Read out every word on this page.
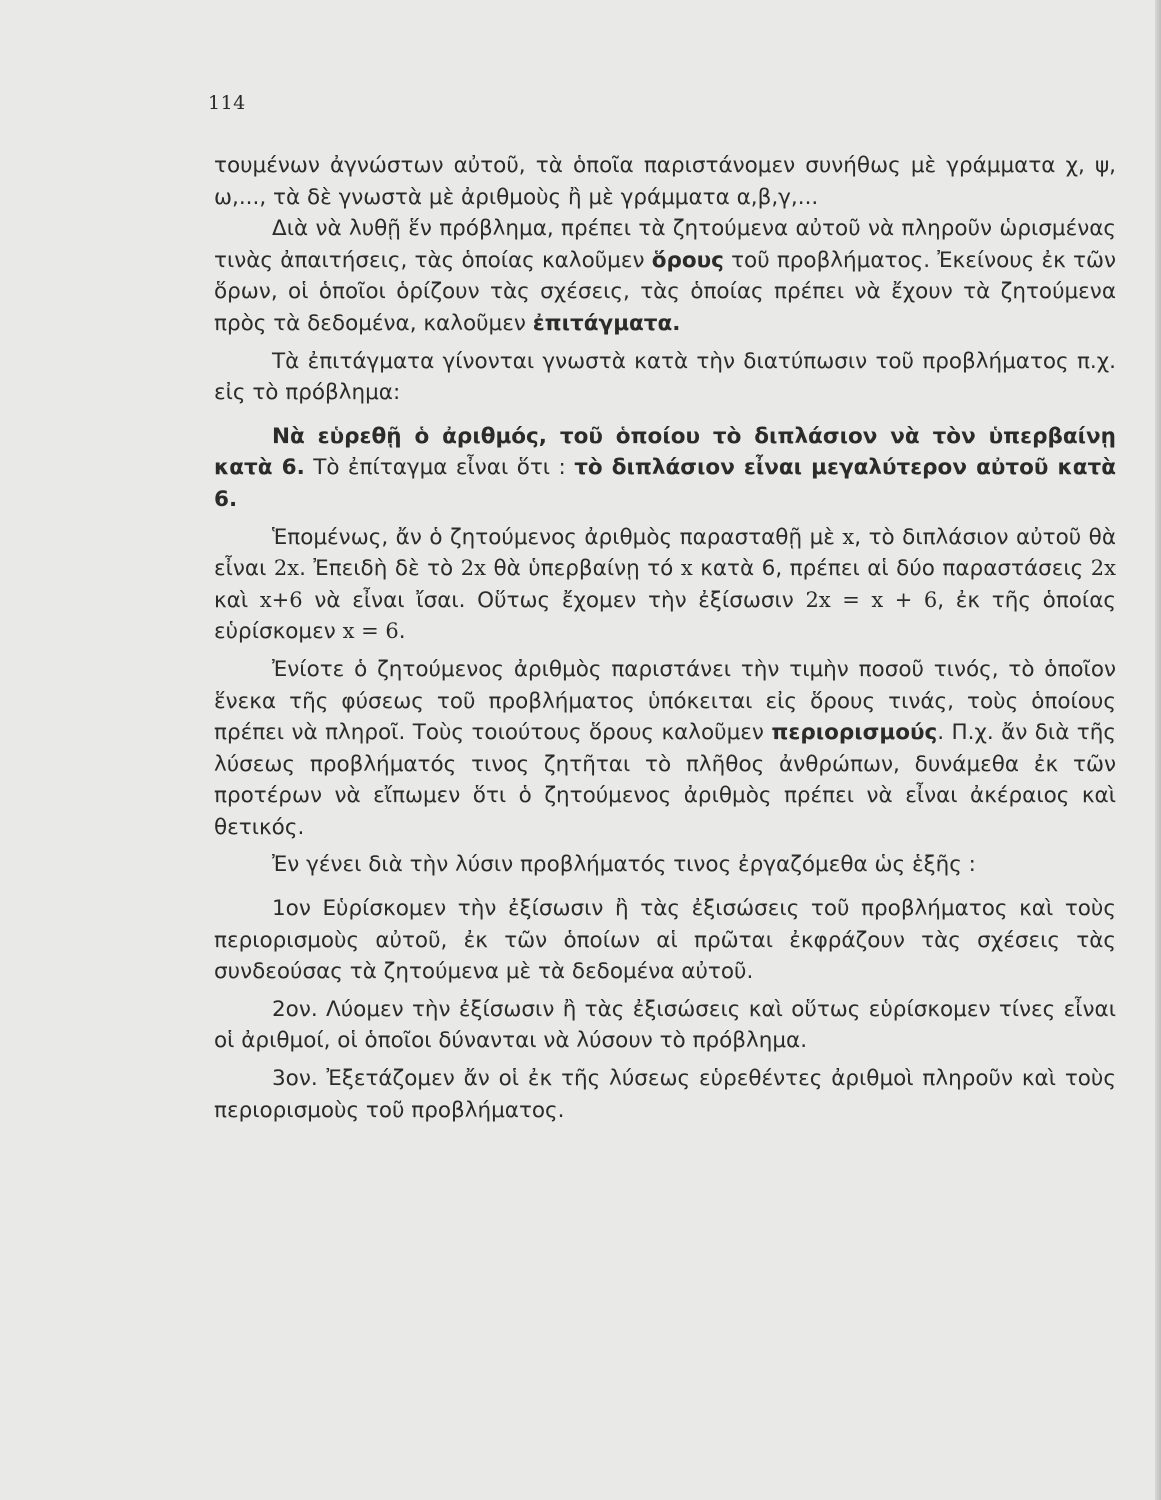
114

τουμένων ἀγνώστων αὐτοῦ, τὰ ὁποῖα παριστάνομεν συνήθως μὲ γράμματα χ, ψ, ω,..., τὰ δὲ γνωστὰ μὲ ἀριθμοὺς ἢ μὲ γράμματα α,β,γ,...

Διὰ νὰ λυθῇ ἕν πρόβλημα, πρέπει τὰ ζητούμενα αὐτοῦ νὰ πληροῦν ὡρισμένας τινὰς ἀπαιτήσεις, τὰς ὁποίας καλοῦμεν ὅρους τοῦ προβλήματος. Ἐκείνους ἐκ τῶν ὅρων, οἱ ὁποῖοι ὁρίζουν τὰς σχέσεις, τὰς ὁποίας πρέπει νὰ ἔχουν τὰ ζητούμενα πρὸς τὰ δεδομένα, καλοῦμεν ἐπιτάγματα.

Τὰ ἐπιτάγματα γίνονται γνωστὰ κατὰ τὴν διατύπωσιν τοῦ προβλήματος π.χ. εἰς τὸ πρόβλημα:

Νὰ εὑρεθῇ ὁ ἀριθμός, τοῦ ὁποίου τὸ διπλάσιον νὰ τὸν ὑπερβαίνῃ κατὰ 6. Τὸ ἐπίταγμα εἶναι ὅτι : τὸ διπλάσιον εἶναι μεγαλύτερον αὐτοῦ κατὰ 6.

Ἑπομένως, ἄν ὁ ζητούμενος ἀριθμὸς παρασταθῇ μὲ x, τὸ διπλάσιον αὐτοῦ θὰ εἶναι 2x. Ἐπειδὴ δὲ τὸ 2x θὰ ὑπερβαίνῃ τό x κατὰ 6, πρέπει αἱ δύο παραστάσεις 2x καὶ x+6 νὰ εἶναι ἴσαι. Οὕτως ἔχομεν τὴν ἐξίσωσιν 2x = x + 6, ἐκ τῆς ὁποίας εὑρίσκομεν x = 6.

Ἐνίοτε ὁ ζητούμενος ἀριθμὸς παριστάνει τὴν τιμὴν ποσοῦ τινός, τὸ ὁποῖον ἕνεκα τῆς φύσεως τοῦ προβλήματος ὑπόκειται εἰς ὅρους τινάς, τοὺς ὁποίους πρέπει νὰ πληροῖ. Τοὺς τοιούτους ὅρους καλοῦμεν περιορισμούς. Π.χ. ἄν διὰ τῆς λύσεως προβλήματός τινος ζητῆται τὸ πλῆθος ἀνθρώπων, δυνάμεθα ἐκ τῶν προτέρων νὰ εἴπωμεν ὅτι ὁ ζητούμενος ἀριθμὸς πρέπει νὰ εἶναι ἀκέραιος καὶ θετικός.

Ἐν γένει διὰ τὴν λύσιν προβλήματός τινος ἐργαζόμεθα ὡς ἑξῆς :

1ον Εὑρίσκομεν τὴν ἐξίσωσιν ἢ τὰς ἐξισώσεις τοῦ προβλήματος καὶ τοὺς περιορισμοὺς αὐτοῦ, ἐκ τῶν ὁποίων αἱ πρῶται ἐκφράζουν τὰς σχέσεις τὰς συνδεούσας τὰ ζητούμενα μὲ τὰ δεδομένα αὐτοῦ.

2ον. Λύομεν τὴν ἐξίσωσιν ἢ τὰς ἐξισώσεις καὶ οὕτως εὑρίσκομεν τίνες εἶναι οἱ ἀριθμοί, οἱ ὁποῖοι δύνανται νὰ λύσουν τὸ πρόβλημα.

3ον. Ἐξετάζομεν ἄν οἱ ἐκ τῆς λύσεως εὑρεθέντες ἀριθμοὶ πληροῦν καὶ τοὺς περιορισμοὺς τοῦ προβλήματος.
